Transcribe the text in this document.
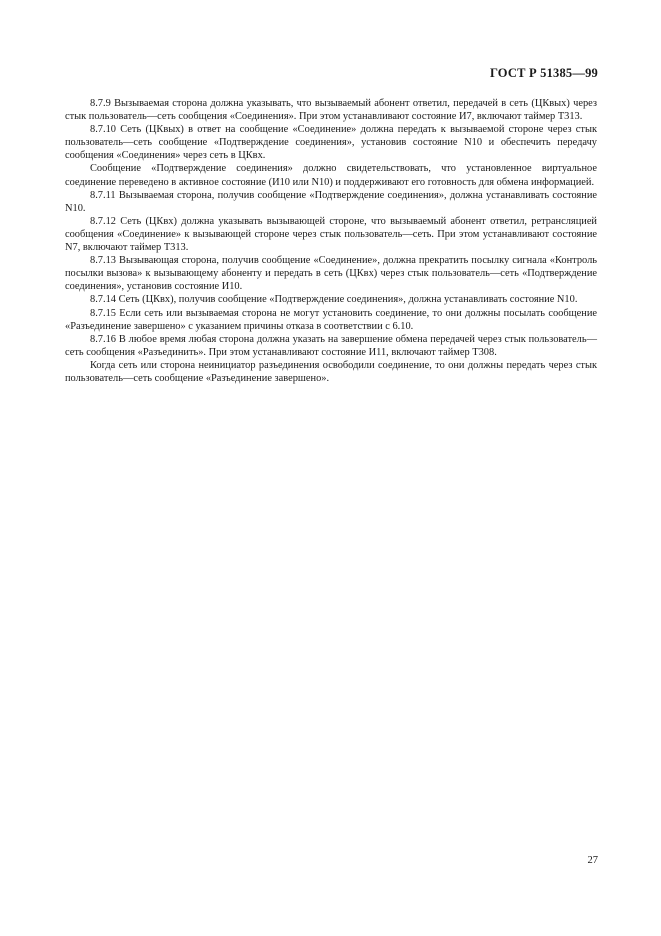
ГОСТ Р 51385—99

8.7.9 Вызываемая сторона должна указывать, что вызываемый абонент ответил, передачей в сеть (ЦКвых) через стык пользователь—сеть сообщения «Соединения». При этом устанавливают состояние И7, включают таймер Т313.

8.7.10 Сеть (ЦКвых) в ответ на сообщение «Соединение» должна передать к вызываемой стороне через стык пользователь—сеть сообщение «Подтверждение соединения», установив состояние N10 и обеспечить передачу сообщения «Соединения» через сеть в ЦКвх.

Сообщение «Подтверждение соединения» должно свидетельствовать, что установленное виртуальное соединение переведено в активное состояние (И10 или N10) и поддерживают его готовность для обмена информацией.

8.7.11 Вызываемая сторона, получив сообщение «Подтверждение соединения», должна устанавливать состояние N10.

8.7.12 Сеть (ЦКвх) должна указывать вызывающей стороне, что вызываемый абонент ответил, ретрансляцией сообщения «Соединение» к вызывающей стороне через стык пользователь—сеть. При этом устанавливают состояние N7, включают таймер Т313.

8.7.13 Вызывающая сторона, получив сообщение «Соединение», должна прекратить посылку сигнала «Контроль посылки вызова» к вызывающему абоненту и передать в сеть (ЦКвх) через стык пользователь—сеть «Подтверждение соединения», установив состояние И10.

8.7.14 Сеть (ЦКвх), получив сообщение «Подтверждение соединения», должна устанавливать состояние N10.

8.7.15 Если сеть или вызываемая сторона не могут установить соединение, то они должны посылать сообщение «Разъединение завершено» с указанием причины отказа в соответствии с 6.10.

8.7.16 В любое время любая сторона должна указать на завершение обмена передачей через стык пользователь—сеть сообщения «Разъединить». При этом устанавливают состояние И11, включают таймер Т308.

Когда сеть или сторона неинициатор разъединения освободили соединение, то они должны передать через стык пользователь—сеть сообщение «Разъединение завершено».

27
